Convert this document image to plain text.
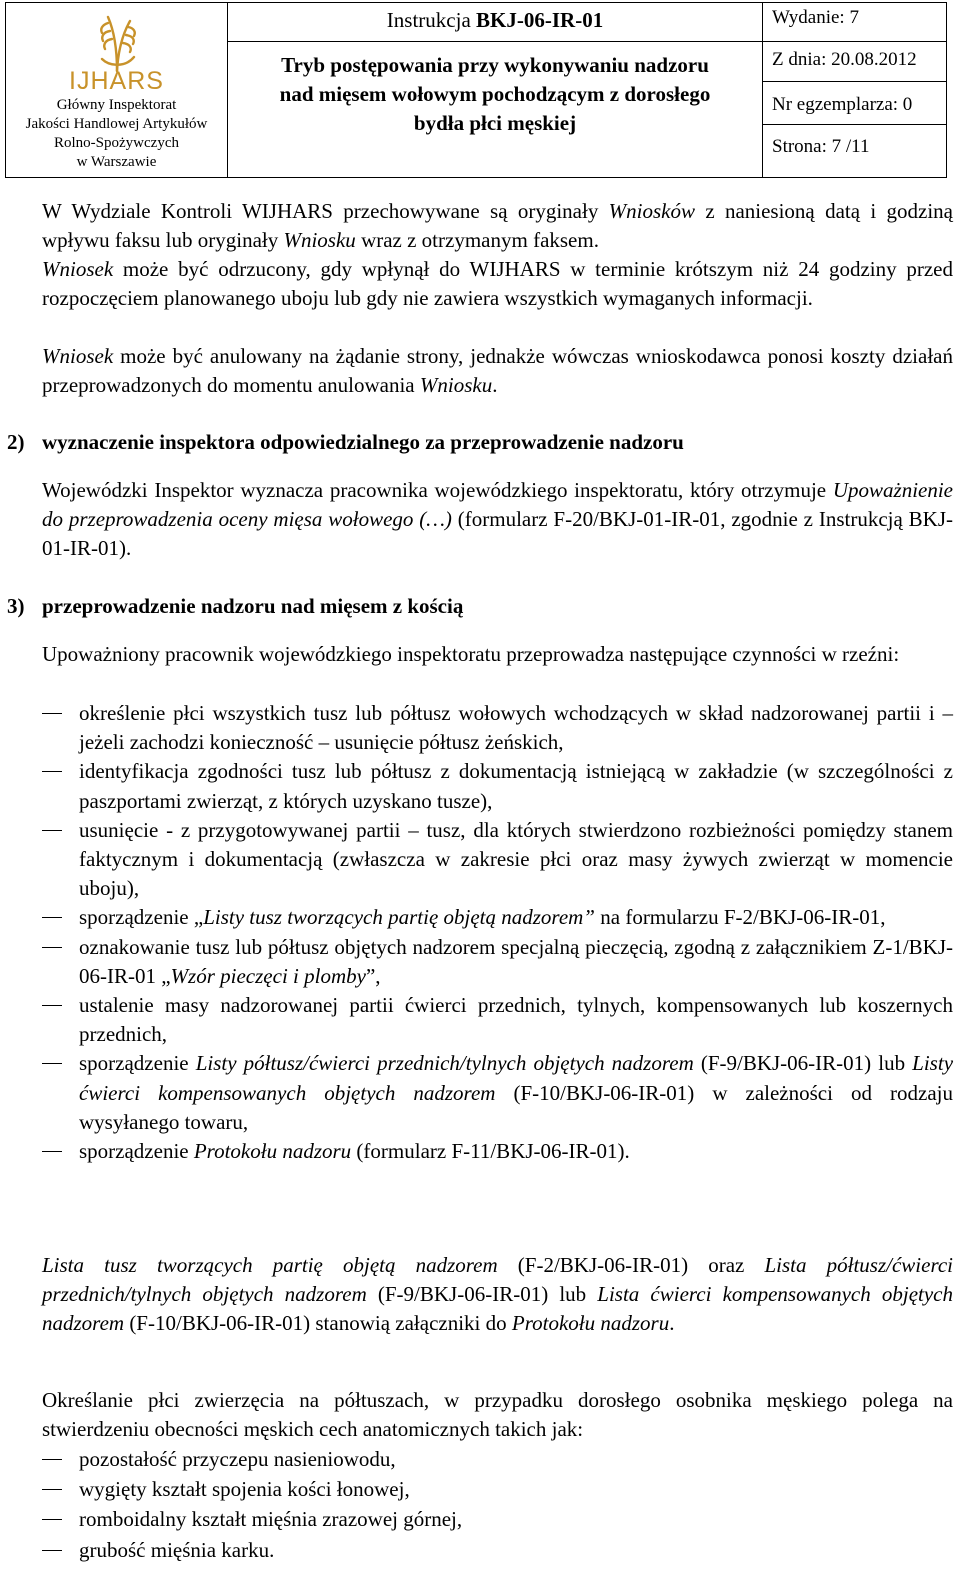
IJHARS
Główny Inspektorat
Jakości Handlowej Artykułów
Rolno-Spożywczych
w Warszawie
Instrukcja BKJ-06-IR-01
Tryb postępowania przy wykonywaniu nadzoru
nad mięsem wołowym pochodzącym z dorosłego
bydła płci męskiej
Wydanie: 7
Z dnia: 20.08.2012
Nr egzemplarza: 0
Strona: 7 /11
W Wydziale Kontroli WIJHARS przechowywane są oryginały Wniosków z naniesioną datą i godziną wpływu faksu lub oryginały Wniosku wraz z otrzymanym faksem.
Wniosek może być odrzucony, gdy wpłynął do WIJHARS w terminie krótszym niż 24 godziny przed rozpoczęciem planowanego uboju lub gdy nie zawiera wszystkich wymaganych informacji.
Wniosek może być anulowany na żądanie strony, jednakże wówczas wnioskodawca ponosi koszty działań przeprowadzonych do momentu anulowania Wniosku.
2) wyznaczenie inspektora odpowiedzialnego za przeprowadzenie nadzoru
Wojewódzki Inspektor wyznacza pracownika wojewódzkiego inspektoratu, który otrzymuje Upoważnienie do przeprowadzenia oceny mięsa wołowego (…) (formularz F-20/BKJ-01-IR-01, zgodnie z Instrukcją BKJ-01-IR-01).
3) przeprowadzenie nadzoru nad mięsem z kością
Upoważniony pracownik wojewódzkiego inspektoratu przeprowadza następujące czynności w rzeźni:
określenie płci wszystkich tusz lub półtusz wołowych wchodzących w skład nadzorowanej partii i – jeżeli zachodzi konieczność – usunięcie półtusz żeńskich,
identyfikacja zgodności tusz lub półtusz z dokumentacją istniejącą w zakładzie (w szczególności z paszportami zwierząt, z których uzyskano tusze),
usunięcie - z przygotowywanej partii – tusz, dla których stwierdzono rozbieżności pomiędzy stanem faktycznym i dokumentacją (zwłaszcza w zakresie płci oraz masy żywych zwierząt w momencie uboju),
sporządzenie „Listy tusz tworzących partię objętą nadzorem” na formularzu F-2/BKJ-06-IR-01,
oznakowanie tusz lub półtusz objętych nadzorem specjalną pieczęcią, zgodną z załącznikiem Z-1/BKJ-06-IR-01 „Wzór pieczęci i plomby”,
ustalenie masy nadzorowanej partii ćwierci przednich, tylnych, kompensowanych lub koszernych przednich,
sporządzenie Listy półtusz/ćwierci przednich/tylnych objętych nadzorem (F-9/BKJ-06-IR-01) lub Listy ćwierci kompensowanych objętych nadzorem (F-10/BKJ-06-IR-01) w zależności od rodzaju wysyłanego towaru,
sporządzenie Protokołu nadzoru (formularz F-11/BKJ-06-IR-01).
Lista tusz tworzących partię objętą nadzorem (F-2/BKJ-06-IR-01) oraz Lista półtusz/ćwierci przednich/tylnych objętych nadzorem (F-9/BKJ-06-IR-01) lub Lista ćwierci kompensowanych objętych nadzorem (F-10/BKJ-06-IR-01) stanowią załączniki do Protokołu nadzoru.
Określanie płci zwierzęcia na półtuszach, w przypadku dorosłego osobnika męskiego polega na stwierdzeniu obecności męskich cech anatomicznych takich jak:
pozostałość przyczepu nasieniowodu,
wygięty kształt spojenia kości łonowej,
romboidalny kształt mięśnia zrazowej górnej,
grubość mięśnia karku.
